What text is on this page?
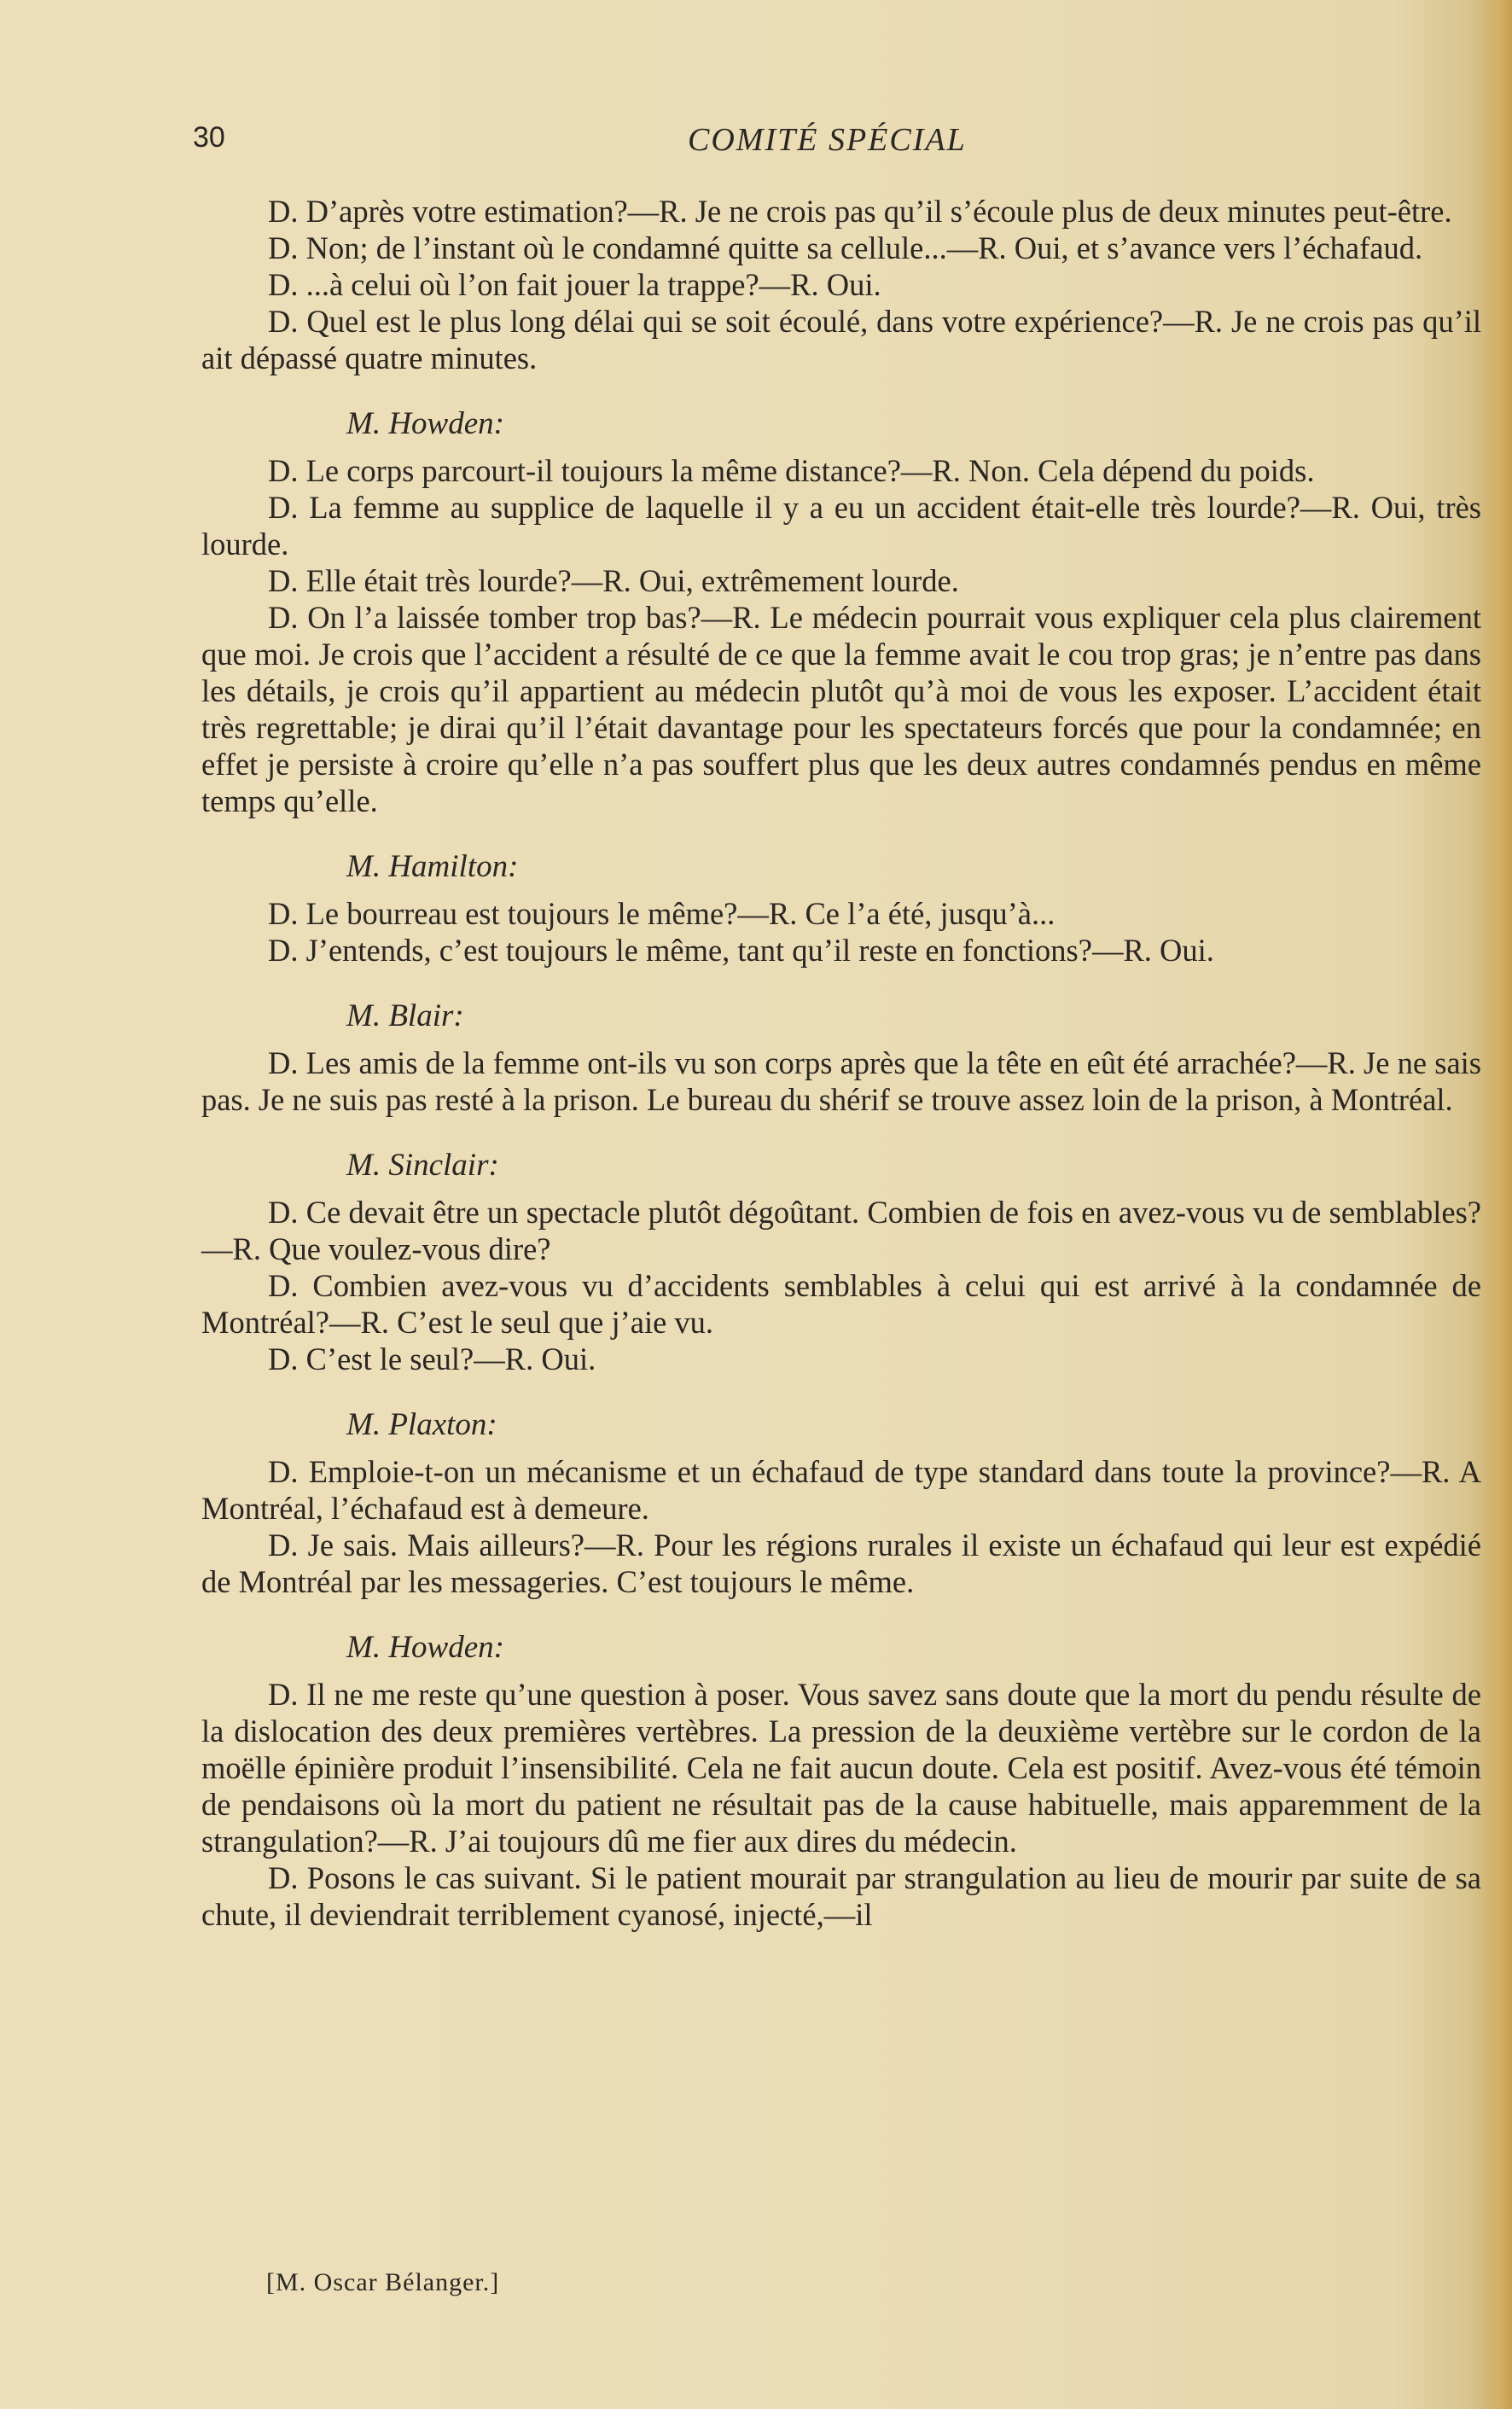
30	COMITÉ SPÉCIAL

D. D’après votre estimation?—R. Je ne crois pas qu’il s’écoule plus de deux minutes peut-être.

D. Non; de l’instant où le condamné quitte sa cellule...—R. Oui, et s’avance vers l’échafaud.

D. ...à celui où l’on fait jouer la trappe?—R. Oui.

D. Quel est le plus long délai qui se soit écoulé, dans votre expérience?—R. Je ne crois pas qu’il ait dépassé quatre minutes.

M. Howden:

D. Le corps parcourt-il toujours la même distance?—R. Non. Cela dépend du poids.

D. La femme au supplice de laquelle il y a eu un accident était-elle très lourde?—R. Oui, très lourde.

D. Elle était très lourde?—R. Oui, extrêmement lourde.

D. On l’a laissée tomber trop bas?—R. Le médecin pourrait vous expliquer cela plus clairement que moi. Je crois que l’accident a résulté de ce que la femme avait le cou trop gras; je n’entre pas dans les détails, je crois qu’il appartient au médecin plutôt qu’à moi de vous les exposer. L’accident était très regrettable; je dirai qu’il l’était davantage pour les spectateurs forcés que pour la condamnée; en effet je persiste à croire qu’elle n’a pas souffert plus que les deux autres condamnés pendus en même temps qu’elle.

M. Hamilton:

D. Le bourreau est toujours le même?—R. Ce l’a été, jusqu’à...

D. J’entends, c’est toujours le même, tant qu’il reste en fonctions?—R. Oui.

M. Blair:

D. Les amis de la femme ont-ils vu son corps après que la tête en eût été arrachée?—R. Je ne sais pas. Je ne suis pas resté à la prison. Le bureau du shérif se trouve assez loin de la prison, à Montréal.

M. Sinclair:

D. Ce devait être un spectacle plutôt dégoûtant. Combien de fois en avez-vous vu de semblables?—R. Que voulez-vous dire?

D. Combien avez-vous vu d’accidents semblables à celui qui est arrivé à la condamnée de Montréal?—R. C’est le seul que j’aie vu.

D. C’est le seul?—R. Oui.

M. Plaxton:

D. Emploie-t-on un mécanisme et un échafaud de type standard dans toute la province?—R. A Montréal, l’échafaud est à demeure.

D. Je sais. Mais ailleurs?—R. Pour les régions rurales il existe un échafaud qui leur est expédié de Montréal par les messageries. C’est toujours le même.

M. Howden:

D. Il ne me reste qu’une question à poser. Vous savez sans doute que la mort du pendu résulte de la dislocation des deux premières vertèbres. La pression de la deuxième vertèbre sur le cordon de la moëlle épinière produit l’insensibilité. Cela ne fait aucun doute. Cela est positif. Avez-vous été témoin de pendaisons où la mort du patient ne résultait pas de la cause habituelle, mais apparemment de la strangulation?—R. J’ai toujours dû me fier aux dires du médecin.

D. Posons le cas suivant. Si le patient mourait par strangulation au lieu de mourir par suite de sa chute, il deviendrait terriblement cyanosé, injecté,—il

[M. Oscar Bélanger.]
